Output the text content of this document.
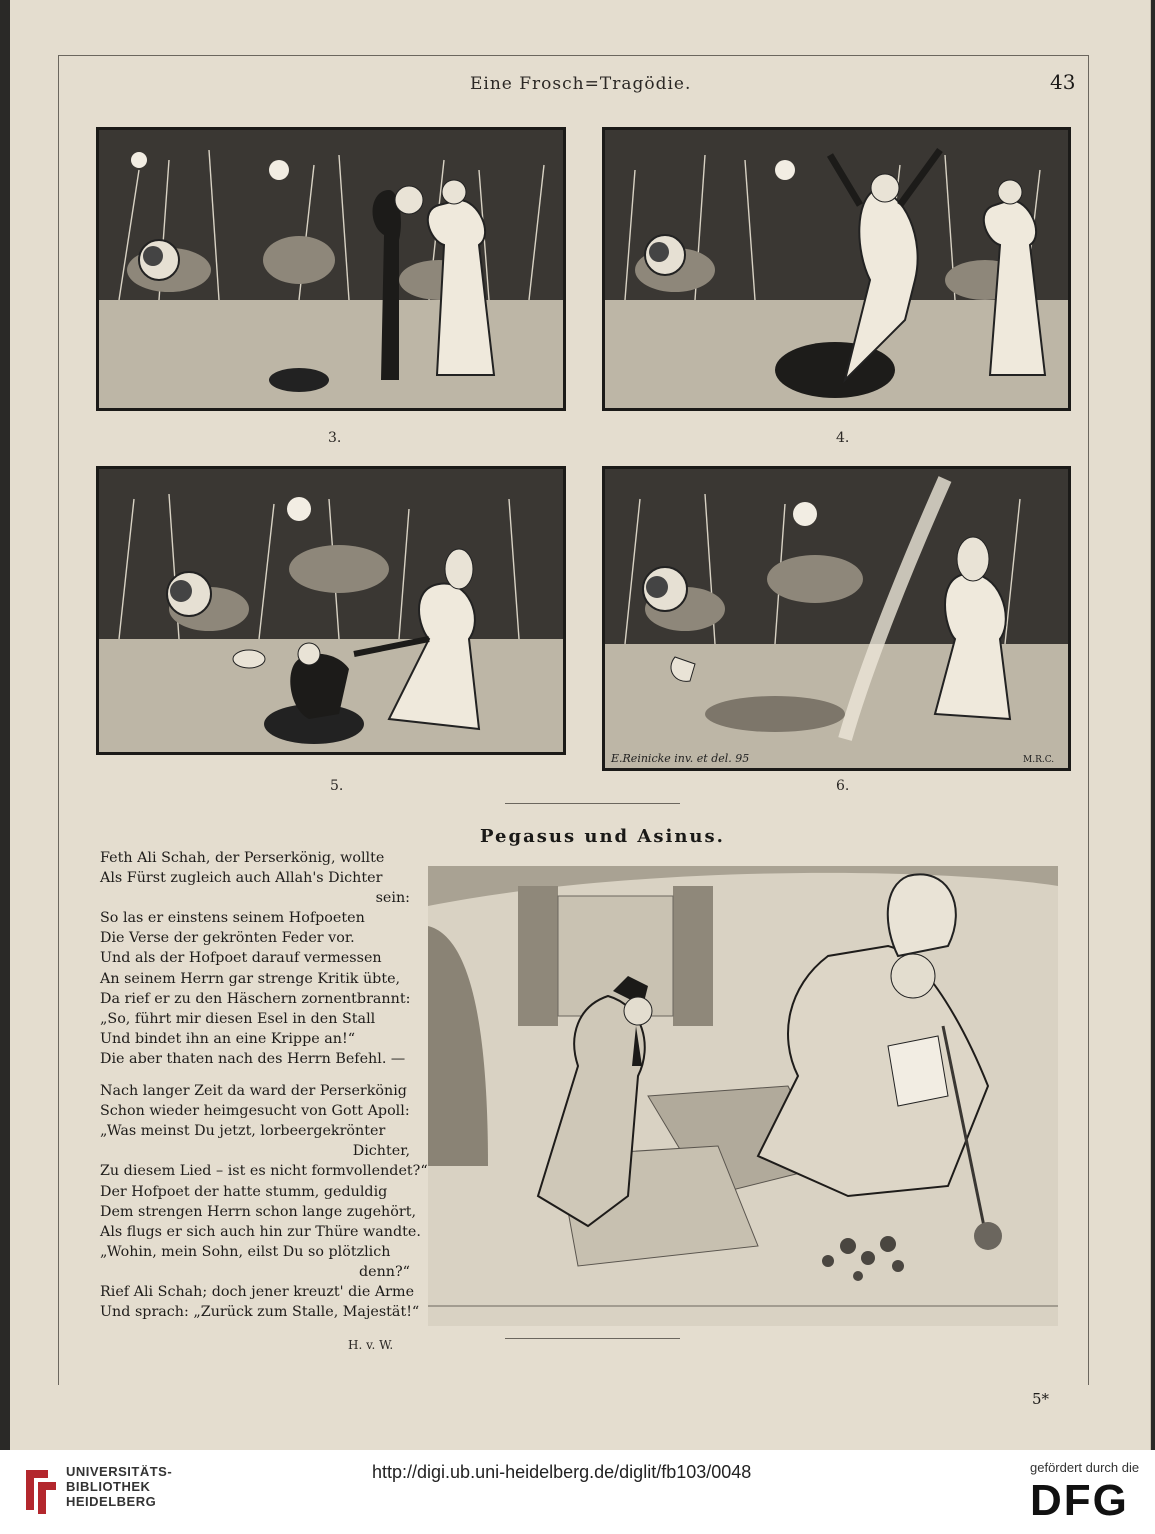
Eine Frosch=Tragödie.	43
3.	4.
5.
E.Reinicke inv. et del. 95	M.R.C.
6.
Pegasus und Asinus.
Feth Ali Schah, der Perserkönig, wollte
Als Fürst zugleich auch Allah's Dichter
sein:
So las er einstens seinem Hofpoeten
Die Verse der gekrönten Feder vor.
Und als der Hofpoet darauf vermessen
An seinem Herrn gar strenge Kritik übte,
Da rief er zu den Häschern zornentbrannt:
„So, führt mir diesen Esel in den Stall
Und bindet ihn an eine Krippe an!“
Die aber thaten nach des Herrn Befehl. —
Nach langer Zeit da ward der Perserkönig
Schon wieder heimgesucht von Gott Apoll:
„Was meinst Du jetzt, lorbeergekrönter
Dichter,
Zu diesem Lied – ist es nicht formvollendet?“
Der Hofpoet der hatte stumm, geduldig
Dem strengen Herrn schon lange zugehört,
Als flugs er sich auch hin zur Thüre wandte.
„Wohin, mein Sohn, eilst Du so plötzlich
denn?“
Rief Ali Schah; doch jener kreuzt' die Arme
Und sprach: „Zurück zum Stalle, Majestät!“
H. v. W.
5*
UNIVERSITÄTS-
BIBLIOTHEK
HEIDELBERG
http://digi.ub.uni-heidelberg.de/diglit/fb103/0048	gefördert durch die
DFG
